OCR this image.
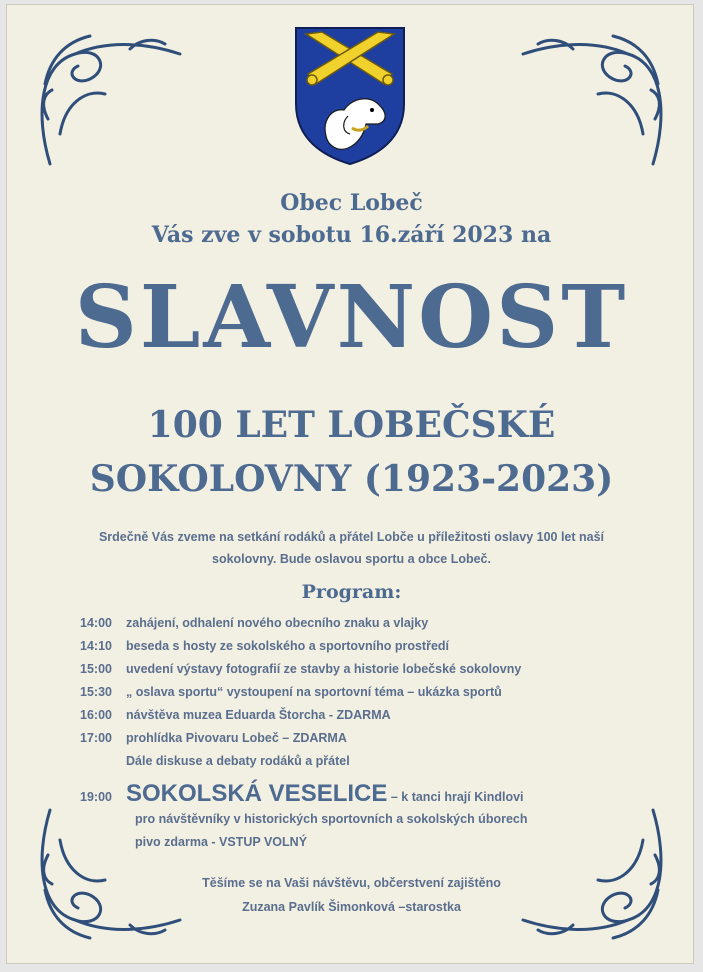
Obec Lobeč
Vás zve v sobotu 16.září 2023 na
SLAVNOST
100 LET LOBEČSKÉ
SOKOLOVNY (1923-2023)
Srdečně Vás zveme na setkání rodáků a přátel Lobče u příležitosti oslavy 100 let naší
sokolovny. Bude oslavou sportu a obce Lobeč.
Program:
14:00 zahájení, odhalení nového obecního znaku a vlajky
14:10 beseda s hosty ze sokolského a sportovního prostředí
15:00 uvedení výstavy fotografií ze stavby a historie lobečské sokolovny
15:30 „ oslava sportu“ vystoupení na sportovní téma – ukázka sportů
16:00 návštěva muzea Eduarda Štorcha - ZDARMA
17:00 prohlídka Pivovaru Lobeč – ZDARMA
Dále diskuse a debaty rodáků a přátel
19:00 SOKOLSKÁ VESELICE – k tanci hrají Kindlovi
pro návštěvníky v historických sportovních a sokolských úborech
pivo zdarma - VSTUP VOLNÝ
Těšíme se na Vaši návštěvu, občerstvení zajištěno
Zuzana Pavlík Šimonková –starostka
